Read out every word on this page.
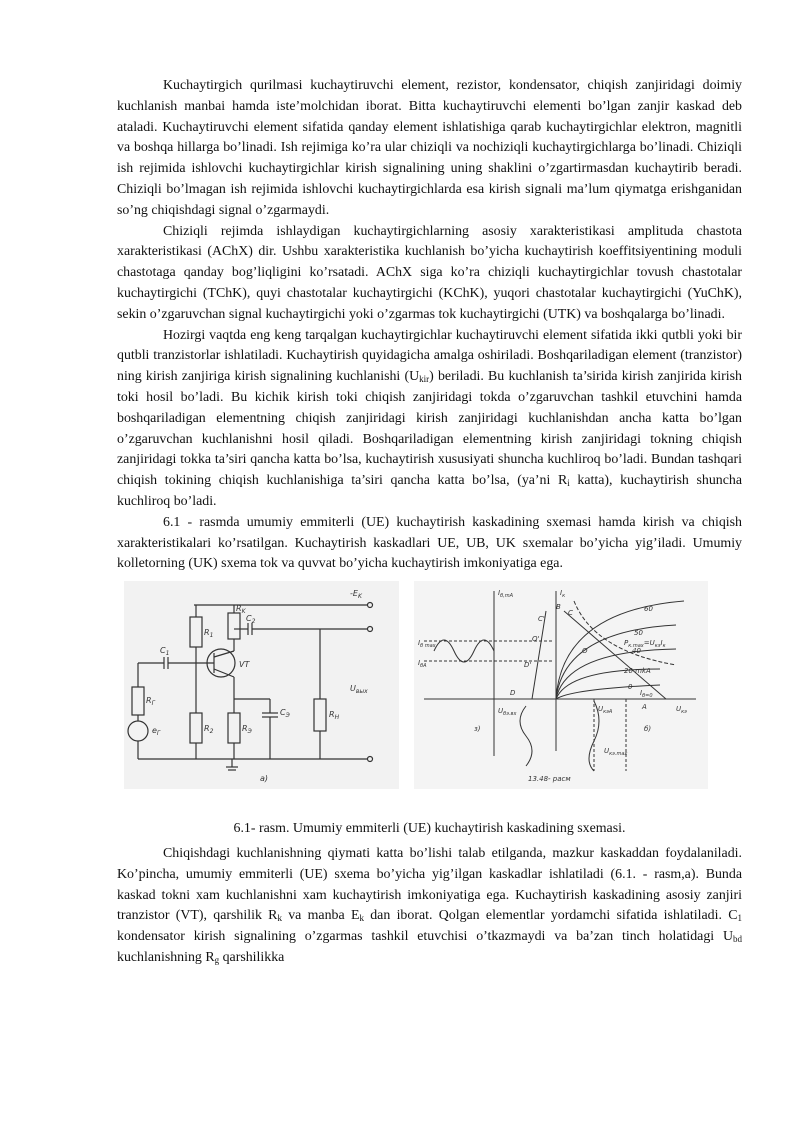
Kuchaytirgich qurilmasi kuchaytiruvchi element, rezistor, kondensator, chiqish zanjiridagi doimiy kuchlanish manbai hamda iste’molchidan iborat. Bitta kuchaytiruvchi elementi bo’lgan zanjir kaskad deb ataladi. Kuchaytiruvchi element sifatida qanday element ishlatishiga qarab kuchaytirgichlar elektron, magnitli va boshqa hillarga bo’linadi. Ish rejimiga ko’ra ular chiziqli va nochiziqli kuchaytirgichlarga bo’linadi. Chiziqli ish rejimida ishlovchi kuchaytirgichlar kirish signalining uning shaklini o’zgartirmasdan kuchaytirib beradi. Chiziqli bo’lmagan ish rejimida ishlovchi kuchaytirgichlarda esa kirish signali ma’lum qiymatga erishganidan so’ng chiqishdagi signal o’zgarmaydi.

Chiziqli rejimda ishlaydigan kuchaytirgichlarning asosiy xarakteristikasi amplituda chastota xarakteristikasi (AChX) dir. Ushbu xarakteristika kuchlanish bo’yicha kuchaytirish koeffitsiyentining moduli chastotaga qanday bog’liqligini ko’rsatadi. AChX siga ko’ra chiziqli kuchaytirgichlar tovush chastotalar kuchaytirgichi (TChK), quyi chastotalar kuchaytirgichi (KChK), yuqori chastotalar kuchaytirgichi (YuChK), sekin o’zgaruvchan signal kuchaytirgichi yoki o’zgarmas tok kuchaytirgichi (UTK) va boshqalarga bo’linadi.

Hozirgi vaqtda eng keng tarqalgan kuchaytirgichlar kuchaytiruvchi element sifatida ikki qutbli yoki bir qutbli tranzistorlar ishlatiladi. Kuchaytirish quyidagicha amalga oshiriladi. Boshqariladigan element (tranzistor) ning kirish zanjiriga kirish signalining kuchlanishi $(U_{kir})$ beriladi. Bu kuchlanish ta’sirida kirish zanjirida kirish toki hosil bo’ladi. Bu kichik kirish toki chiqish zanjiridagi tokda o’zgaruvchan tashkil etuvchini hamda boshqariladigan elementning chiqish zanjiridagi kirish zanjiridagi kuchlanishdan ancha katta bo’lgan o’zgaruvchan kuchlanishni hosil qiladi. Boshqariladigan elementning kirish zanjiridagi tokning chiqish zanjiridagi tokka ta’siri qancha katta bo’lsa, kuchaytirish xususiyati shuncha kuchliroq bo’ladi. Bundan tashqari chiqish tokining chiqish kuchlanishiga ta’siri qancha katta bo’lsa, (ya’ni $R_i$ katta), kuchaytirish shuncha kuchliroq bo’ladi.

6.1 - rasmda umumiy emmiterli (UE) kuchaytirish kaskadining sxemasi hamda kirish va chiqish xarakteristikalari ko’rsatilgan. Kuchaytirish kaskadlari UE, UB, UK sxemalar bo’yicha yig’iladi. Umumiy kolletorning (UK) sxema tok va quvvat bo’yicha kuchaytirish imkoniyatiga ega.

$-E_K$
$R_K$
$C_2$
$R_1$
$C_1$
VT
$R_Г$
$e_Г$
$R_2$	$R_Э$
$C_Э$	$R_H$
$U_{вых}$
a)
$I_{б,mA}$	$I_к$
$U_{кэ}$
60
50
40
20 mkA
0
B
C
C'
O'
O
D'
D
A
$P_{к.max}=U_{кэ}I_к$
$I_{б=0}$
$I_{б max}$
$I_{бA}$
$U_{бэ.вх}$
$U_{кэА}$
$U_{кэ.max}$
з)	б)
13.48- расм

6.1- rasm. Umumiy emmiterli (UE) kuchaytirish kaskadining sxemasi.

Chiqishdagi kuchlanishning qiymati katta bo’lishi talab etilganda, mazkur kaskaddan foydalaniladi. Ko’pincha, umumiy emmiterli (UE) sxema bo’yicha yig’ilgan kaskadlar ishlatiladi (6.1. - rasm,a). Bunda kaskad tokni xam kuchlanishni xam kuchaytirish imkoniyatiga ega. Kuchaytirish kaskadining asosiy zanjiri tranzistor (VT), qarshilik $R_k$ va manba $E_k$ dan iborat. Qolgan elementlar yordamchi sifatida ishlatiladi. $C_1$ kondensator kirish signalining o’zgarmas tashkil etuvchisi o’tkazmaydi va ba’zan tinch holatidagi $U_{bd}$ kuchlanishning $R_g$ qarshilikka
